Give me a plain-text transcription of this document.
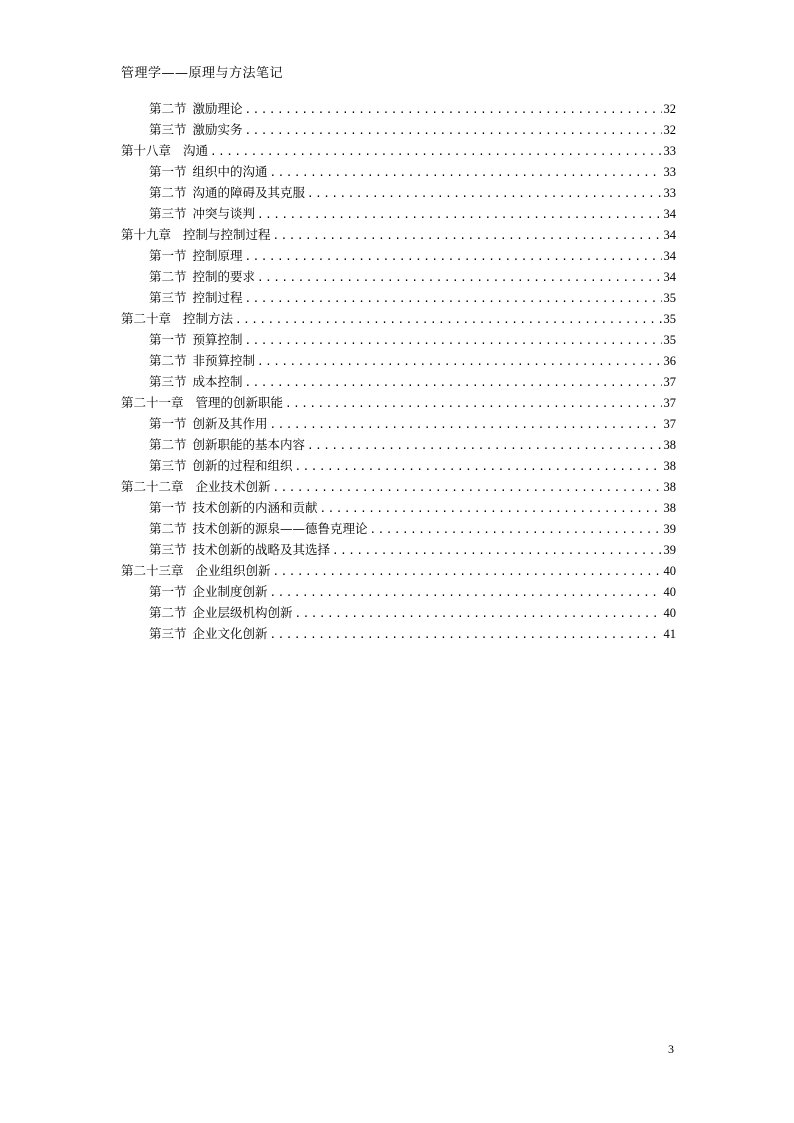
管理学——原理与方法笔记
第二节 激励理论 .....	32
第三节 激励实务 .....	32
第十八章 沟通 .....	33
第一节 组织中的沟通 .....	33
第二节 沟通的障碍及其克服 .....	33
第三节 冲突与谈判 .....	34
第十九章 控制与控制过程 .....	34
第一节 控制原理 .....	34
第二节 控制的要求 .....	34
第三节 控制过程 .....	35
第二十章 控制方法 .....	35
第一节 预算控制 .....	35
第二节 非预算控制 .....	36
第三节 成本控制 .....	37
第二十一章 管理的创新职能 .....	37
第一节 创新及其作用 .....	37
第二节 创新职能的基本内容 .....	38
第三节 创新的过程和组织 .....	38
第二十二章 企业技术创新 .....	38
第一节 技术创新的内涵和贡献 .....	38
第二节 技术创新的源泉——德鲁克理论 .....	39
第三节 技术创新的战略及其选择 .....	39
第二十三章 企业组织创新 .....	40
第一节 企业制度创新 .....	40
第二节 企业层级机构创新 .....	40
第三节 企业文化创新 .....	41
3
